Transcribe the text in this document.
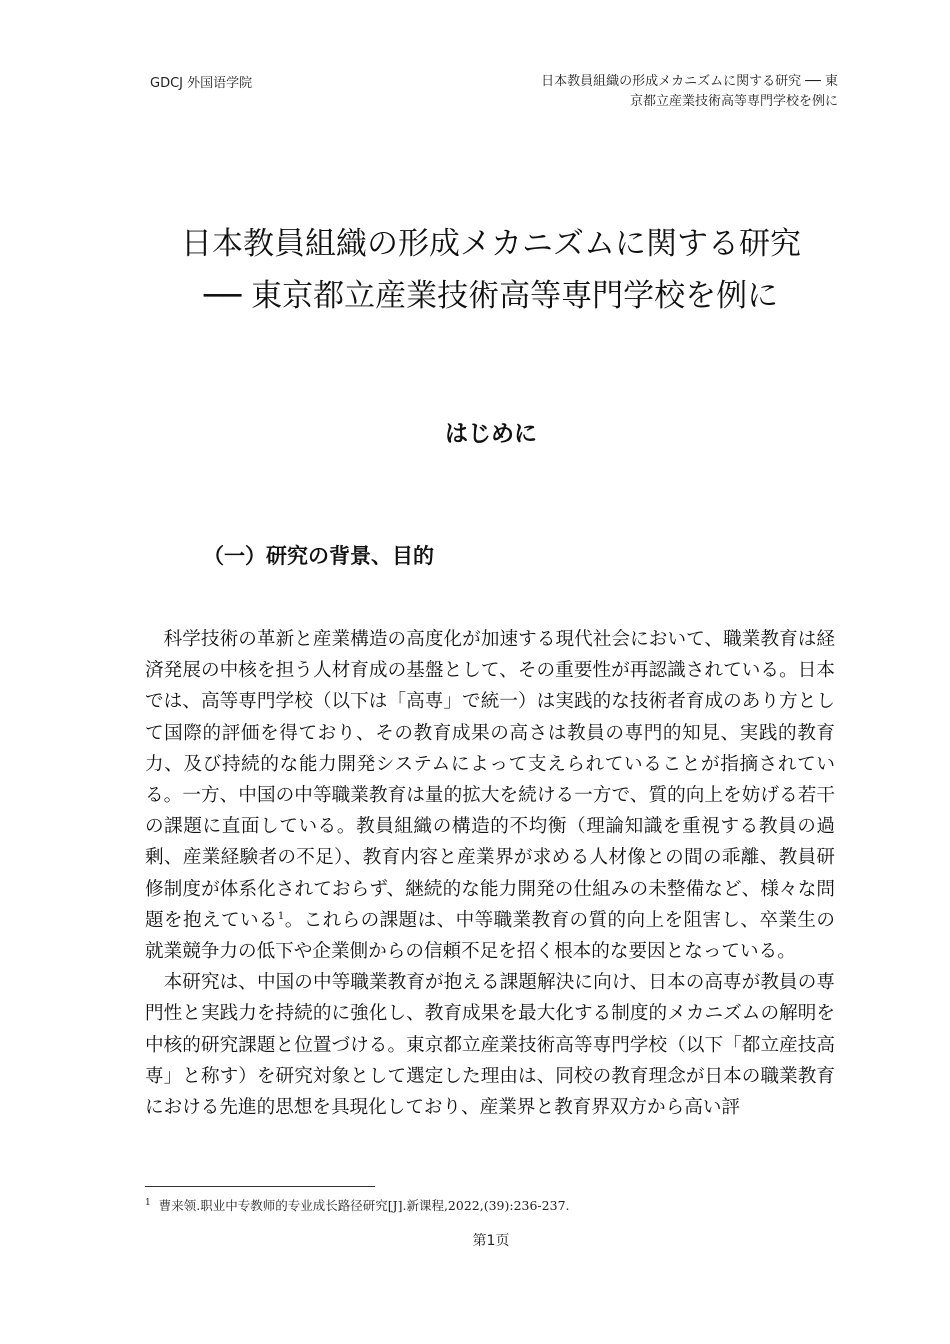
GDCJ 外国语学院	日本教員組織の形成メカニズムに関する研究 ── 東
京都立産業技術高等専門学校を例に
日本教員組織の形成メカニズムに関する研究
── 東京都立産業技術高等専門学校を例に
はじめに
（一）研究の背景、目的

科学技術の革新と産業構造の高度化が加速する現代社会において、職業教育は経済発展の中核を担う人材育成の基盤として、その重要性が再認識されている。日本では、高等専門学校（以下は「高専」で統一）は実践的な技術者育成のあり方として国際的評価を得ており、その教育成果の高さは教員の専門的知見、実践的教育力、及び持続的な能力開発システムによって支えられていることが指摘されている。一方、中国の中等職業教育は量的拡大を続ける一方で、質的向上を妨げる若干の課題に直面している。教員組織の構造的不均衡（理論知識を重視する教員の過剰、産業経験者の不足）、教育内容と産業界が求める人材像との間の乖離、教員研修制度が体系化されておらず、継続的な能力開発の仕組みの未整備など、様々な問題を抱えている$^1$。これらの課題は、中等職業教育の質的向上を阻害し、卒業生の就業競争力の低下や企業側からの信頼不足を招く根本的な要因となっている。

本研究は、中国の中等職業教育が抱える課題解決に向け、日本の高専が教員の専門性と実践力を持続的に強化し、教育成果を最大化する制度的メカニズムの解明を中核的研究課題と位置づける。東京都立産業技術高等専門学校（以下「都立産技高専」と称す）を研究対象として選定した理由は、同校の教育理念が日本の職業教育における先進的思想を具現化しており、産業界と教育界双方から高い評

$^1$ 曹来领.职业中专教师的专业成长路径研究[J].新课程,2022,(39):236-237.
第1页
